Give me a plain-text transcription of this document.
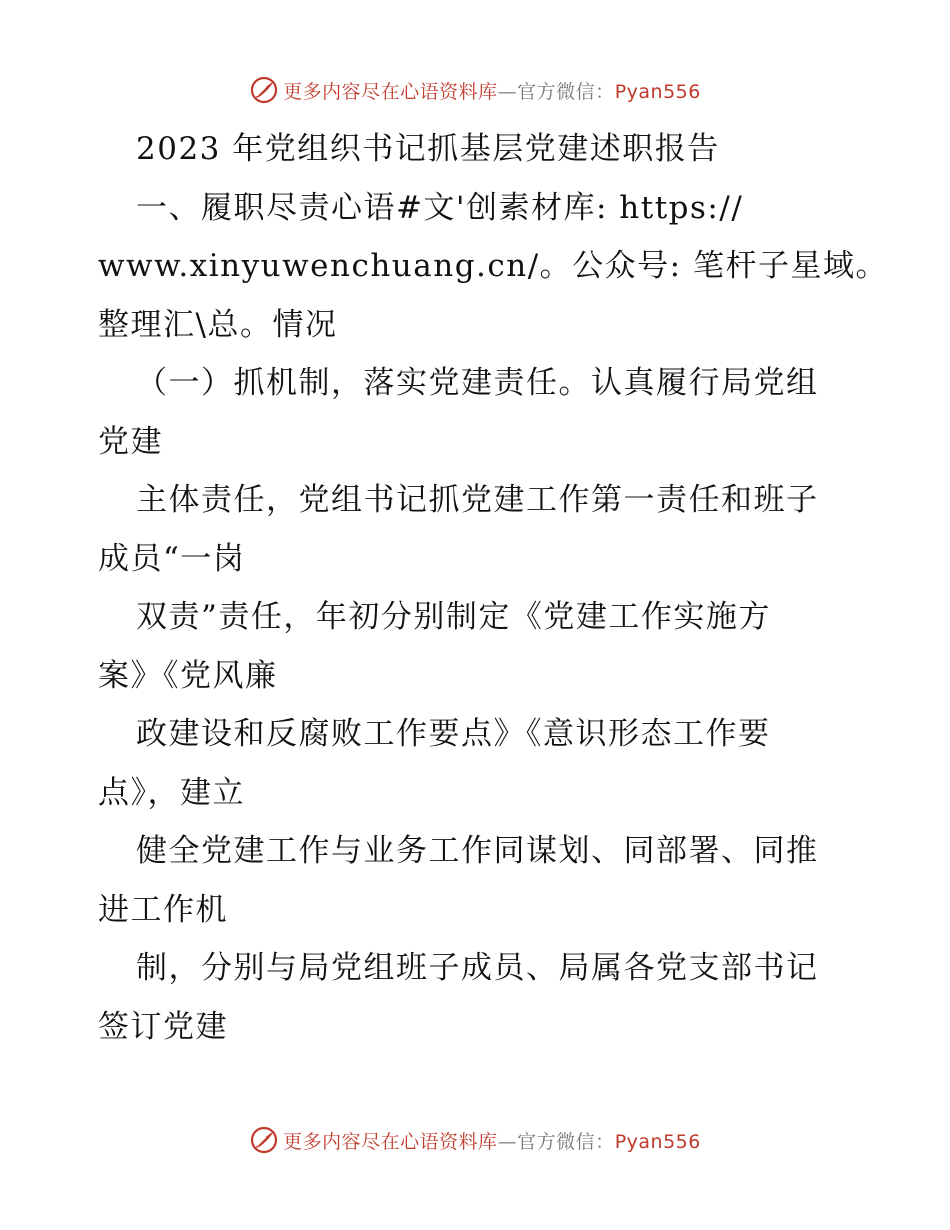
更多内容尽在心语资料库—官方微信：Pyan556
2023 年党组织书记抓基层党建述职报告
一、履职尽责心语#文'创素材库: https://
www.xinyuwenchuang.cn/。公众号: 笔杆子星域。
整理汇\总。情况
（一）抓机制，落实党建责任。认真履行局党组
党建
主体责任，党组书记抓党建工作第一责任和班子
成员“一岗
双责”责任，年初分别制定《党建工作实施方
案》《党风廉
政建设和反腐败工作要点》《意识形态工作要
点》，建立
健全党建工作与业务工作同谋划、同部署、同推
进工作机
制，分别与局党组班子成员、局属各党支部书记
签订党建
更多内容尽在心语资料库—官方微信：Pyan556
